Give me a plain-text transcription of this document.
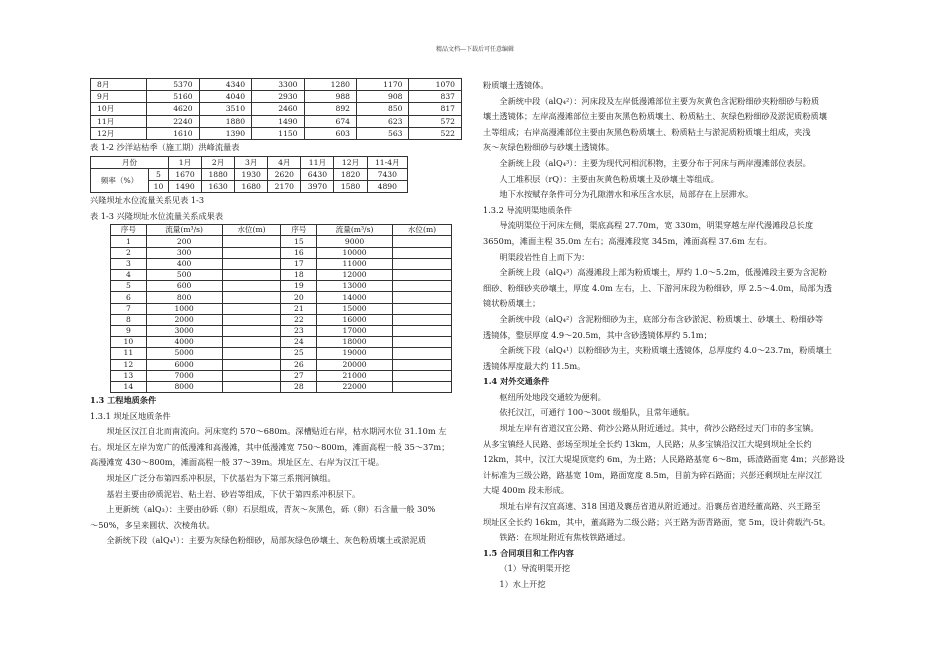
精品文档---下载后可任意编辑
8月	5370	4340	3300	1280	1170	1070
9月	5160	4040	2930	988	908	837
10月	4620	3510	2460	892	850	817
11月	2240	1880	1490	674	623	572
12月	1610	1390	1150	603	563	522
表 1-2 沙洋站枯季（施工期）洪峰流量表
月份		1月	2月	3月	4月	11月	12月	11-4月
频率（%）	5	1670	1880	1930	2620	6430	1820	7430
	10	1490	1630	1680	2170	3970	1580	4890
兴隆坝址水位流量关系见表 1-3
表 1-3 兴隆坝址水位流量关系成果表
序号	流量(m³/s)	水位(m)	序号	流量(m³/s)	水位(m)
1	200		15	9000	
2	300		16	10000	
3	400		17	11000	
4	500		18	12000	
5	600		19	13000	
6	800		20	14000	
7	1000		21	15000	
8	2000		22	16000	
9	3000		23	17000	
10	4000		24	18000	
11	5000		25	19000	
12	6000		26	20000	
13	7000		27	21000	
14	8000		28	22000	
1.3 工程地质条件
1.3.1 坝址区地质条件
坝址区汉江自北而南流向。河床宽约 570～680m。深槽贴近右岸，枯水期河水位 31.10m 左
右。坝址区左岸为宽广的低漫滩和高漫滩，其中低漫滩宽 750～800m，滩面高程一般 35～37m；
高漫滩宽 430～800m，滩面高程一般 37～39m。坝址区左、右岸为汉江干堤。
坝址区广泛分布第四系冲积层，下伏基岩为下第三系荆河镇组。
基岩主要由砂质泥岩、粘土岩、砂岩等组成，下伏于第四系冲积层下。
上更新统（alQ₃）：主要由砂砾（卵）石层组成，青灰～灰黑色，砾（卵）石含量一般 30%
～50%，多呈来圆状、次棱角状。
全新统下段（alQ₄¹）：主要为灰绿色粉细砂，局部灰绿色砂壤土、灰色粉质壤土或淤泥质
粉质壤土透镜体。
全新统中段（alQ₄²）：河床段及左岸低漫滩部位主要为灰黄色含泥粉细砂夹粉细砂与粉质
壤土透镜体；左岸高漫滩部位主要由灰黑色粉质壤土、粉质粘土、灰绿色粉细砂及淤泥质粉质壤
土等组成；右岸高漫滩部位主要由灰黑色粉质壤土、粉质粘土与淤泥质粉质壤土组成，夹浅
灰～灰绿色粉细砂与砂壤土透镜体。
全新统上段（alQ₄³）：主要为现代河相沉积物，主要分布于河床与两岸漫滩部位表层。
人工堆积层（rQ）：主要由灰黄色粉质壤土及砂壤土等组成。
地下水按赋存条件可分为孔隙潜水和承压含水层，局部存在上层滞水。
1.3.2 导流明渠地质条件
导流明渠位于河床左侧，渠底高程 27.70m，宽 330m，明渠穿越左岸代漫滩段总长度
3650m，滩面主程 35.0m 左右；高漫滩段宽 345m，滩面高程 37.6m 左右。
明渠段岩性自上而下为：
全新统上段（alQ₄³）高漫滩段上部为粉质壤土，厚约 1.0～5.2m，低漫滩段主要为含泥粉
细砂、粉细砂夹砂壤土，厚度 4.0m 左右，上、下游河床段为粉细砂，厚 2.5～4.0m，局部为透
镜状粉质壤土；
全新统中段（alQ₄²）含泥粉细砂为主，底部分布含砂淤泥、粉质壤土、砂壤土、粉细砂等
透镜体，整层厚度 4.9～20.5m，其中含砂透镜体厚约 5.1m；
全新统下段（alQ₄¹）以粉细砂为主，夹粉质壤土透镜体，总厚度约 4.0～23.7m，粉质壤土
透镜体厚度最大约 11.5m。
1.4 对外交通条件
枢纽所处地段交通较为便利。
依托汉江，可通行 100～300t 级船队，且常年通航。
坝址左岸有省道汉宜公路、荷沙公路从附近通过。其中，荷沙公路经过天门市的多宝镇。
从多宝镇经人民路、彭场至坝址全长约 13km，人民路；从多宝镇沿汉江大堤到坝址全长约
12km，其中，汉江大堤堤顶宽约 6m，为土路；人民路路基宽 6～8m，砾渣路面宽 4m；兴彭路设
计标准为三级公路，路基宽 10m，路面宽度 8.5m，目前为碎石路面；兴彭还剩坝址左岸汉江
大堤 400m 段未形成。
坝址右岸有汉宜高速、318 国道及襄岳省道从附近通过。沿襄岳省道经董高路、兴王路至
坝址区全长约 16km，其中，董高路为二级公路；兴王路为沥青路面，宽 5m，设计荷载汽-5t。
铁路：在坝址附近有焦枝铁路通过。
1.5 合同项目和工作内容
（1）导流明渠开挖
1）水上开挖
